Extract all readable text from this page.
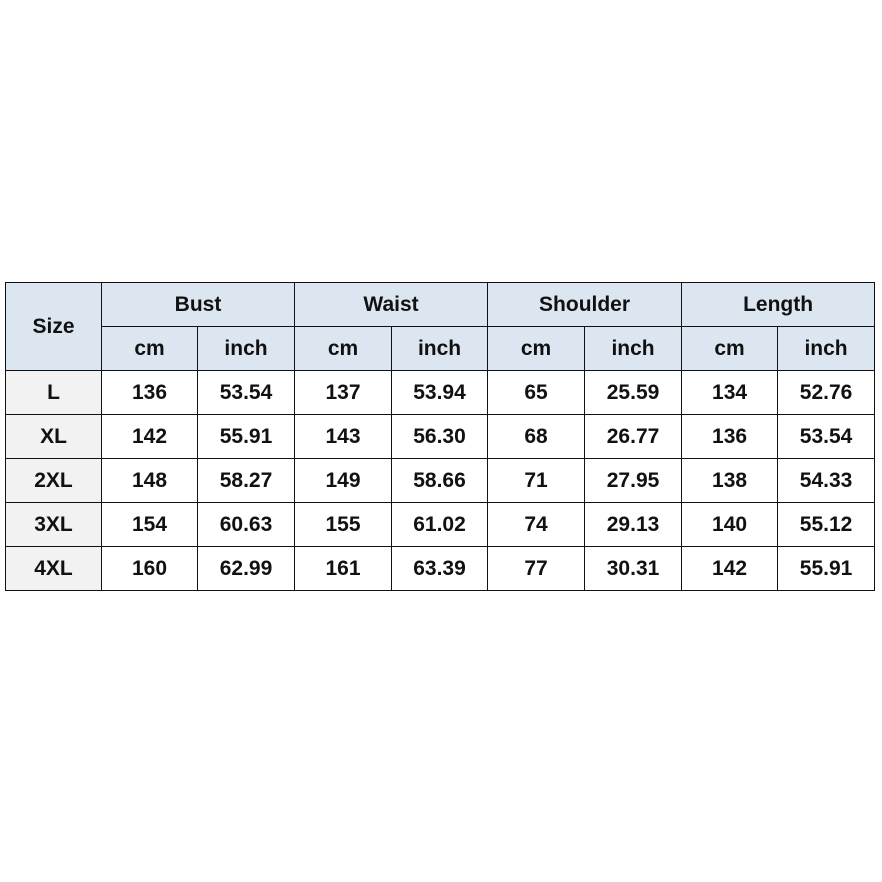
Size	Bust		Waist		Shoulder		Length	
	cm	inch	cm	inch	cm	inch	cm	inch
L	136	53.54	137	53.94	65	25.59	134	52.76
XL	142	55.91	143	56.30	68	26.77	136	53.54
2XL	148	58.27	149	58.66	71	27.95	138	54.33
3XL	154	60.63	155	61.02	74	29.13	140	55.12
4XL	160	62.99	161	63.39	77	30.31	142	55.91
